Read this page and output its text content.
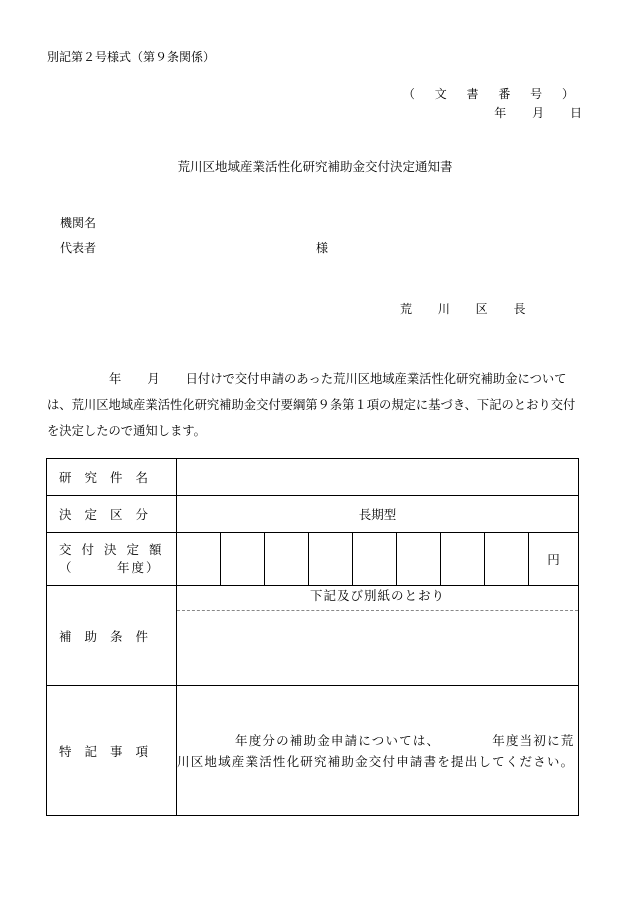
別記第２号様式（第９条関係）
（ 文 書 番 号 ）
年 月 日
荒川区地域産業活性化研究補助金交付決定通知書
機関名
代表者	様
荒 川 区 長
年 月 日付けで交付申請のあった荒川区地域産業活性化研究補助金については、荒川区地域産業活性化研究補助金交付要綱第９条第１項の規定に基づき、下記のとおり交付を決定したので通知します。
研究件名									
決定区分	長期型								

交付決定額
（　　　年度）									円
補助条件	下記及び別紙のとおり								

特記事項	年度分の補助金申請については、 年度当初に荒川区地域産業活性化研究補助金交付申請書を提出してください。								
